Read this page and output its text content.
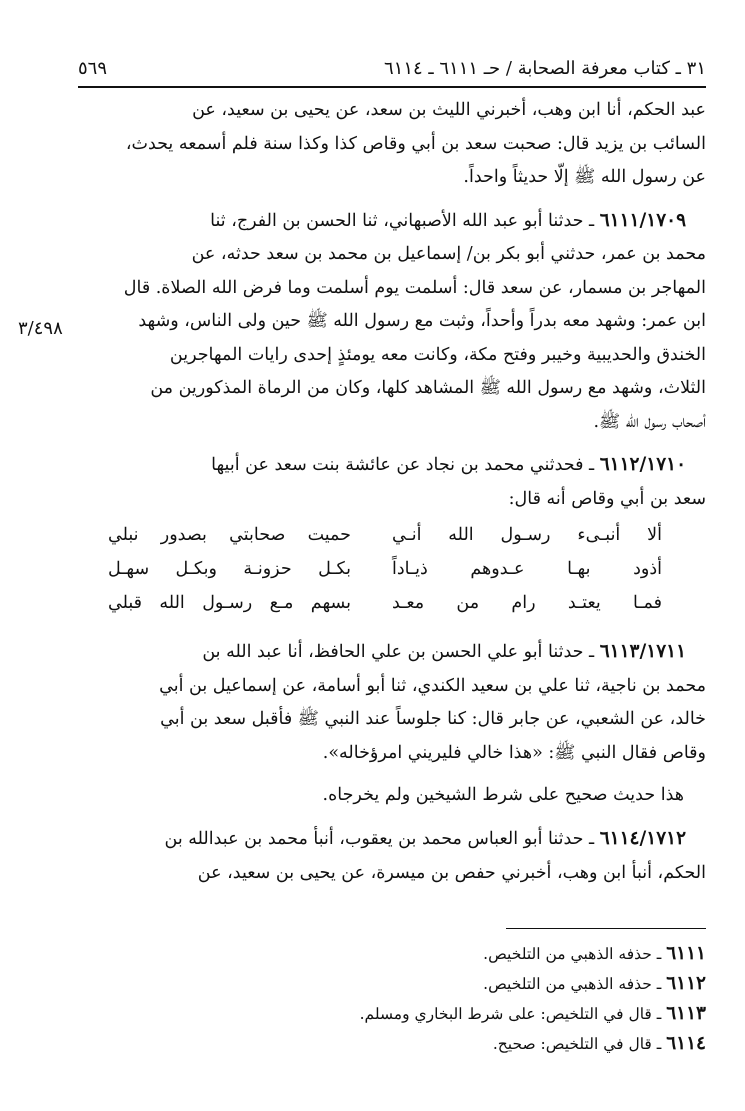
٣١ ـ كتاب معرفة الصحابة / حـ ٦١١١ ـ ٦١١٤
٥٦٩
٣/٤٩٨

عبد الحكم، أنا ابن وهب، أخبرني الليث بن سعد، عن يحيى بن سعيد، عن
السائب بن يزيد قال: صحبت سعد بن أبي وقاص كذا وكذا سنة فلم أسمعه يحدث،
عن رسول الله ﷺ إلّا حديثاً واحداً.

٦١١١/١٧٠٩ ـ حدثنا أبو عبد الله الأصبهاني، ثنا الحسن بن الفرج، ثنا
محمد بن عمر، حدثني أبو بكر بن/ إسماعيل بن محمد بن سعد حدثه، عن
المهاجر بن مسمار، عن سعد قال: أسلمت يوم أسلمت وما فرض الله الصلاة. قال
ابن عمر: وشهد معه بدراً وأحداً، وثبت مع رسول الله ﷺ حين ولى الناس، وشهد
الخندق والحديبية وخيبر وفتح مكة، وكانت معه يومئذٍ إحدى رايات المهاجرين
الثلاث، وشهد مع رسول الله ﷺ المشاهد كلها، وكان من الرماة المذكورين من
أصحاب رسول الله ﷺ.

٦١١٢/١٧١٠ ـ فحدثني محمد بن نجاد عن عائشة بنت سعد عن أبيها
سعد بن أبي وقاص أنه قال:

ألا أنبـىء رسـول الله أنـي
حميت صحابتي بصدور نبلي
أذود بهـا عـدوهم ذيـاداً
بكـل حزونـة وبكـل سهـل
فمـا يعتـد رام من معـد
بسهم مـع رسـول الله قبلي

٦١١٣/١٧١١ ـ حدثنا أبو علي الحسن بن علي الحافظ، أنا عبد الله بن
محمد بن ناجية، ثنا علي بن سعيد الكندي، ثنا أبو أسامة، عن إسماعيل بن أبي
خالد، عن الشعبي، عن جابر قال: كنا جلوساً عند النبي ﷺ فأقبل سعد بن أبي
وقاص فقال النبي ﷺ: «هذا خالي فليريني امرؤخاله».

هذا حديث صحيح على شرط الشيخين ولم يخرجاه.

٦١١٤/١٧١٢ ـ حدثنا أبو العباس محمد بن يعقوب، أنبأ محمد بن عبدالله بن
الحكم، أنبأ ابن وهب، أخبرني حفص بن ميسرة، عن يحيى بن سعيد، عن

٦١١١ ـ حذفه الذهبي من التلخيص.
٦١١٢ ـ حذفه الذهبي من التلخيص.
٦١١٣ ـ قال في التلخيص: على شرط البخاري ومسلم.
٦١١٤ ـ قال في التلخيص: صحيح.
